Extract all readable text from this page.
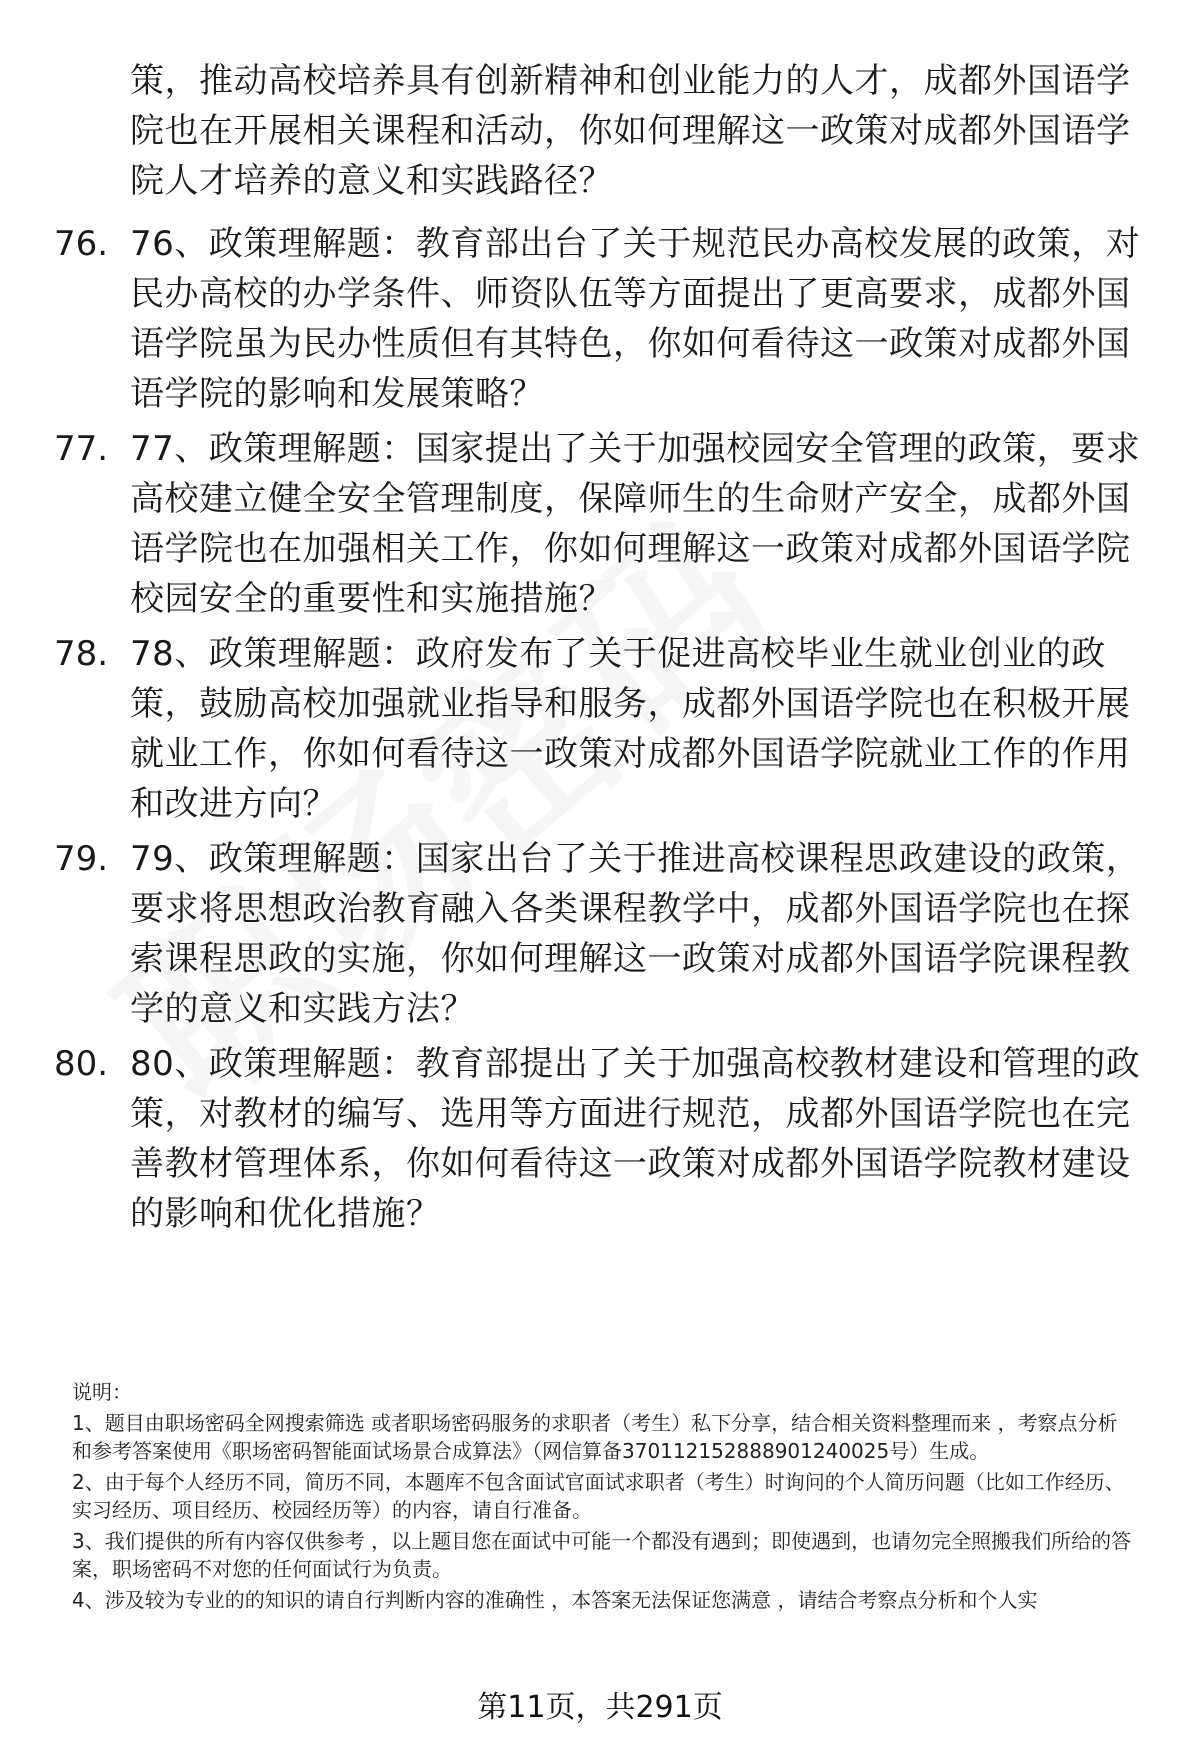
策，推动高校培养具有创新精神和创业能力的人才，成都外国语学院也在开展相关课程和活动，你如何理解这一政策对成都外国语学院人才培养的意义和实践路径？
76. 76、政策理解题：教育部出台了关于规范民办高校发展的政策，对民办高校的办学条件、师资队伍等方面提出了更高要求，成都外国语学院虽为民办性质但有其特色，你如何看待这一政策对成都外国语学院的影响和发展策略？
77. 77、政策理解题：国家提出了关于加强校园安全管理的政策，要求高校建立健全安全管理制度，保障师生的生命财产安全，成都外国语学院也在加强相关工作，你如何理解这一政策对成都外国语学院校园安全的重要性和实施措施？
78. 78、政策理解题：政府发布了关于促进高校毕业生就业创业的政策，鼓励高校加强就业指导和服务，成都外国语学院也在积极开展就业工作，你如何看待这一政策对成都外国语学院就业工作的作用和改进方向？
79. 79、政策理解题：国家出台了关于推进高校课程思政建设的政策，要求将思想政治教育融入各类课程教学中，成都外国语学院也在探索课程思政的实施，你如何理解这一政策对成都外国语学院课程教学的意义和实践方法？
80. 80、政策理解题：教育部提出了关于加强高校教材建设和管理的政策，对教材的编写、选用等方面进行规范，成都外国语学院也在完善教材管理体系，你如何看待这一政策对成都外国语学院教材建设的影响和优化措施？

说明：

1、题目由职场密码全网搜索筛选 或者职场密码服务的求职者（考生）私下分享，结合相关资料整理而来 ，考察点分析和参考答案使用《职场密码智能面试场景合成算法》（网信算备370112152888901240025号）生成。

2、由于每个人经历不同，简历不同，本题库不包含面试官面试求职者（考生）时询问的个人简历问题（比如工作经历、实习经历、项目经历、校园经历等）的内容，请自行准备。

3、我们提供的所有内容仅供参考 ，以上题目您在面试中可能一个都没有遇到；即使遇到，也请勿完全照搬我们所给的答案，职场密码不对您的任何面试行为负责。

4、涉及较为专业的的知识的请自行判断内容的准确性 ，本答案无法保证您满意 ，请结合考察点分析和个人实

第11页，共291页
